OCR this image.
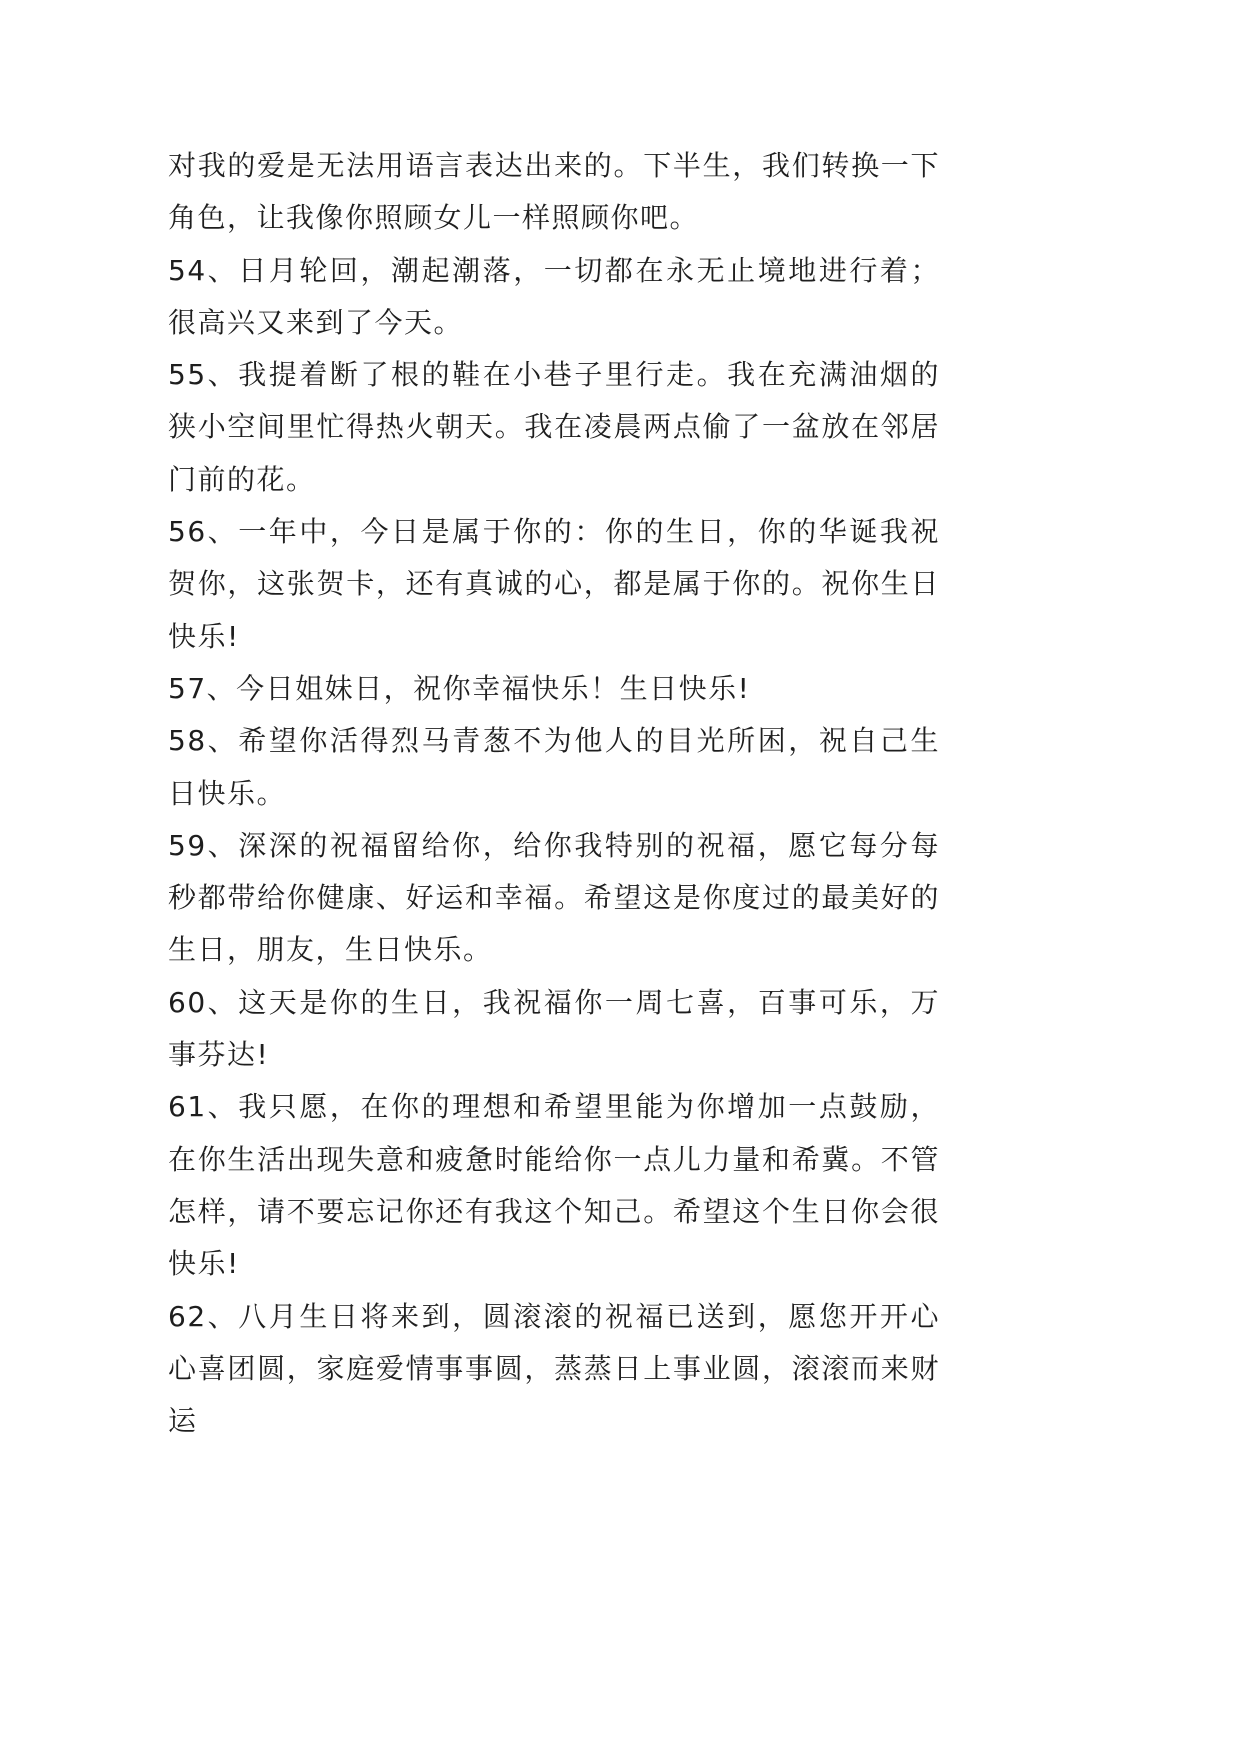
对我的爱是无法用语言表达出来的。下半生，我们转换一下角色，让我像你照顾女儿一样照顾你吧。

54、日月轮回，潮起潮落，一切都在永无止境地进行着；很高兴又来到了今天。

55、我提着断了根的鞋在小巷子里行走。我在充满油烟的狭小空间里忙得热火朝天。我在凌晨两点偷了一盆放在邻居门前的花。

56、一年中，今日是属于你的：你的生日，你的华诞我祝贺你，这张贺卡，还有真诚的心，都是属于你的。祝你生日快乐!

57、今日姐妹日，祝你幸福快乐！生日快乐!

58、希望你活得烈马青葱不为他人的目光所困，祝自己生日快乐。

59、深深的祝福留给你，给你我特别的祝福，愿它每分每秒都带给你健康、好运和幸福。希望这是你度过的最美好的生日，朋友，生日快乐。

60、这天是你的生日，我祝福你一周七喜，百事可乐，万事芬达!

61、我只愿，在你的理想和希望里能为你增加一点鼓励，在你生活出现失意和疲惫时能给你一点儿力量和希冀。不管怎样，请不要忘记你还有我这个知己。希望这个生日你会很快乐!

62、八月生日将来到，圆滚滚的祝福已送到，愿您开开心心喜团圆，家庭爱情事事圆，蒸蒸日上事业圆，滚滚而来财运
